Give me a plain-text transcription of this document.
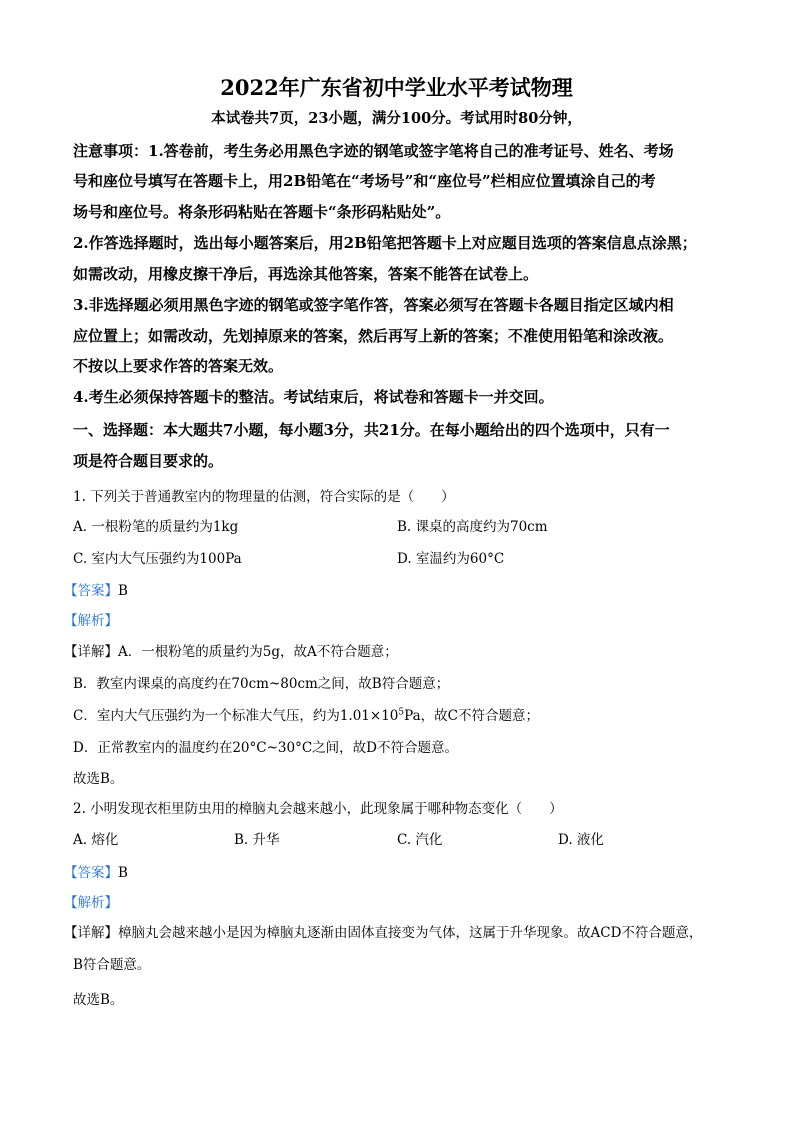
2022年广东省初中学业水平考试物理
本试卷共7页，23小题，满分100分。考试用时80分钟，
注意事项：1.答卷前，考生务必用黑色字迹的钢笔或签字笔将自己的准考证号、姓名、考场
号和座位号填写在答题卡上，用2B铅笔在“考场号”和“座位号”栏相应位置填涂自己的考
场号和座位号。将条形码粘贴在答题卡“条形码粘贴处”。
2.作答选择题时，选出每小题答案后，用2B铅笔把答题卡上对应题目选项的答案信息点涂黑；
如需改动，用橡皮擦干净后，再选涂其他答案，答案不能答在试卷上。
3.非选择题必须用黑色字迹的钢笔或签字笔作答，答案必须写在答题卡各题目指定区域内相
应位置上；如需改动，先划掉原来的答案，然后再写上新的答案；不准使用铅笔和涂改液。
不按以上要求作答的答案无效。
4.考生必须保持答题卡的整洁。考试结束后，将试卷和答题卡一并交回。
一、选择题：本大题共7小题，每小题3分，共21分。在每小题给出的四个选项中，只有一
项是符合题目要求的。
1. 下列关于普通教室内的物理量的估测，符合实际的是（　　）
A. 一根粉笔的质量约为1kg	B. 课桌的高度约为70cm
C. 室内大气压强约为100Pa	D. 室温约为60°C
【答案】B
【解析】
【详解】A．一根粉笔的质量约为5g，故A不符合题意；
B．教室内课桌的高度约在70cm~80cm之间，故B符合题意；
C．室内大气压强约为一个标准大气压，约为$1.01\times 10^5Pa$，故C不符合题意；
D．正常教室内的温度约在20°C~30°C之间，故D不符合题意。
故选B。
2. 小明发现衣柜里防虫用的樟脑丸会越来越小，此现象属于哪种物态变化（　　）
A. 熔化	B. 升华	C. 汽化	D. 液化
【答案】B
【解析】
【详解】樟脑丸会越来越小是因为樟脑丸逐渐由固体直接变为气体，这属于升华现象。故ACD不符合题意，
B符合题意。
故选B。
